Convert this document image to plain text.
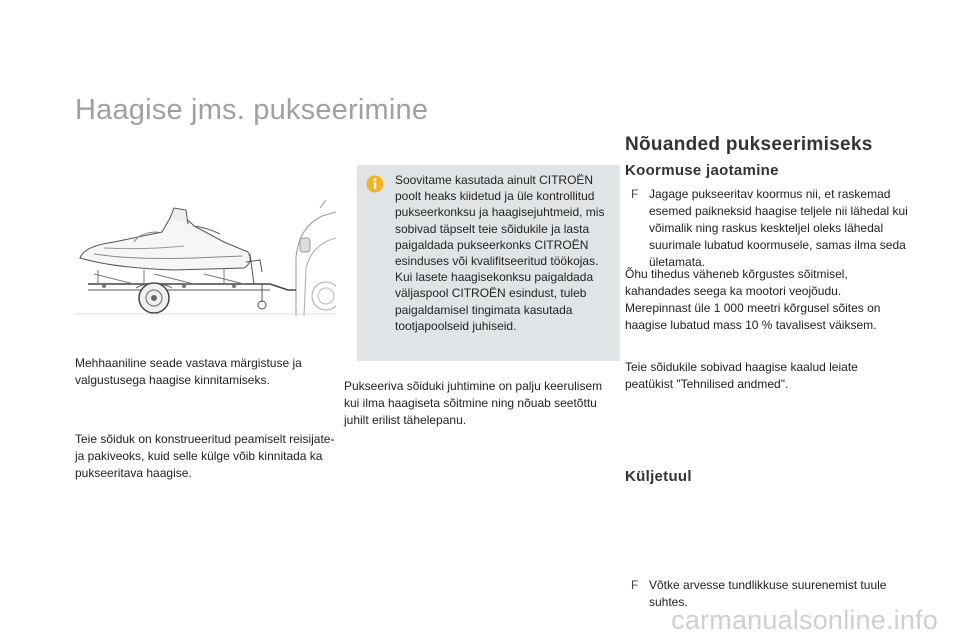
Haagise jms. pukseerimine
Mehhaaniline seade vastava märgistuse ja valgustusega haagise kinnitamiseks.
Teie sõiduk on konstrueeritud peamiselt reisijate- ja pakiveoks, kuid selle külge võib kinnitada ka pukseeritava haagise.
Soovitame kasutada ainult CITROËN poolt heaks kiidetud ja üle kontrollitud pukseerkonksu ja haagisejuhtmeid, mis sobivad täpselt teie sõidukile ja lasta paigaldada pukseerkonks CITROËN esinduses või kvalifitseeritud töökojas. Kui lasete haagisekonksu paigaldada väljaspool CITROËN esindust, tuleb paigaldamisel tingimata kasutada tootjapoolseid juhiseid.
Pukseeriva sõiduki juhtimine on palju keerulisem kui ilma haagiseta sõitmine ning nõuab seetõttu juhilt erilist tähelepanu.
Nõuanded pukseerimiseks
Koormuse jaotamine
F Jagage pukseeritav koormus nii, et raskemad esemed paikneksid haagise teljele nii lähedal kui võimalik ning raskus keskteljel oleks lähedal suurimale lubatud koormusele, samas ilma seda ületamata.

Õhu tihedus väheneb kõrgustes sõitmisel, kahandades seega ka mootori veojõudu. Merepinnast üle 1 000 meetri kõrgusel sõites on haagise lubatud mass 10 % tavalisest väiksem.
Teie sõidukile sobivad haagise kaalud leiate peatükist "Tehnilised andmed".
Küljetuul
F Võtke arvesse tundlikkuse suurenemist tuule suhtes.

carmanualsonline.info
